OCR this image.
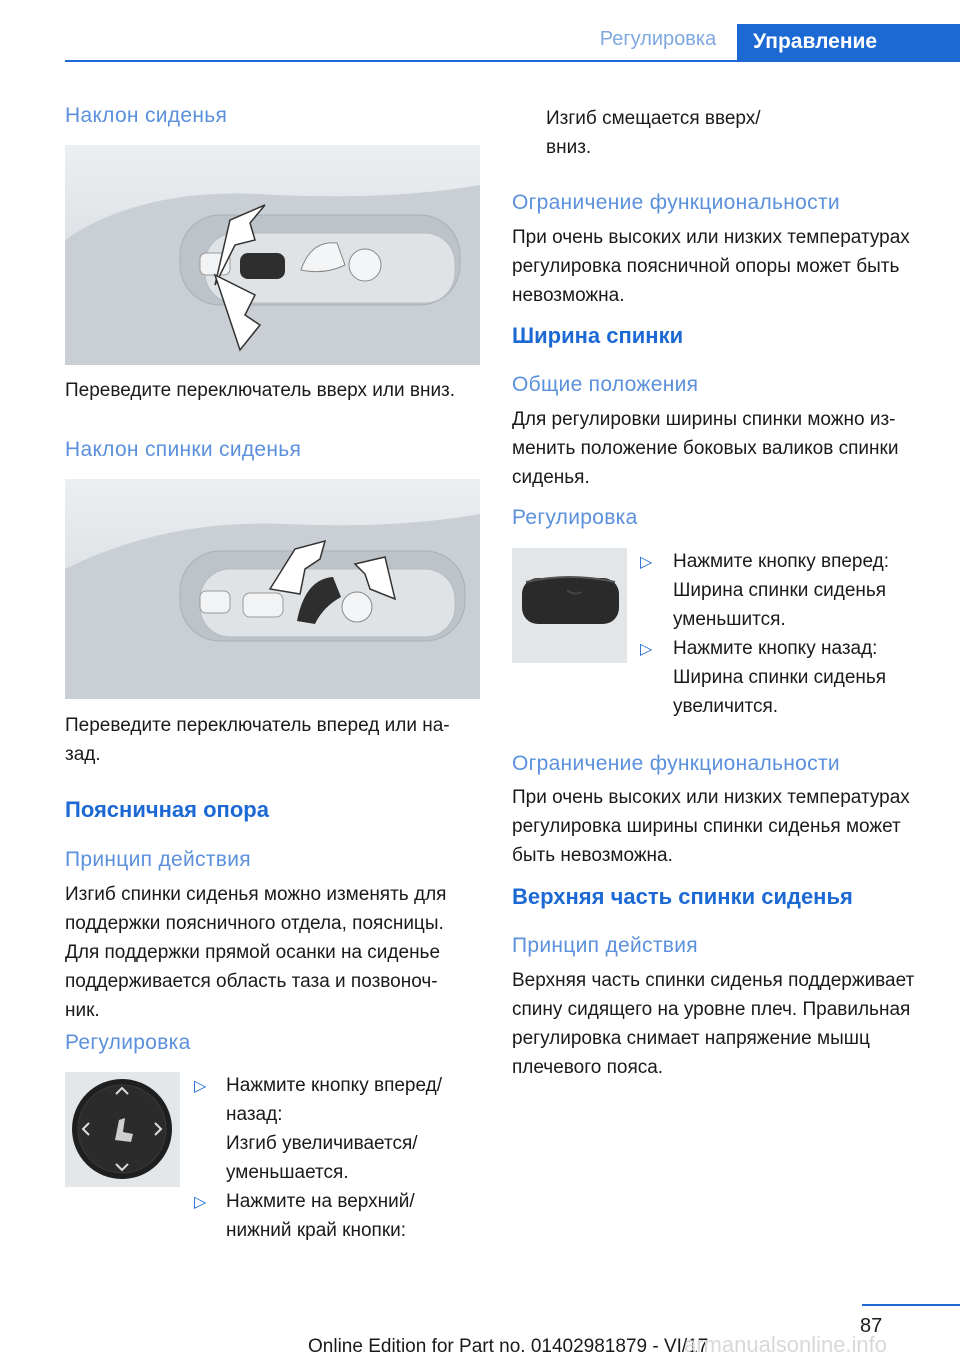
Регулировка	Управление
Наклон сиденья
Переведите переключатель вверх или вниз.
Наклон спинки сиденья
Переведите переключатель вперед или на-
зад.
Поясничная опора
Принцип действия
Изгиб спинки сиденья можно изменять для
поддержки поясничного отдела, поясницы.
Для поддержки прямой осанки на сиденье
поддерживается область таза и позвоноч-
ник.
Регулировка
▷ Нажмите кнопку вперед/
назад:
Изгиб увеличивается/
уменьшается.
▷ Нажмите на верхний/
нижний край кнопки:
Изгиб смещается вверх/
вниз.
Ограничение функциональности
При очень высоких или низких температурах
регулировка поясничной опоры может быть
невозможна.
Ширина спинки
Общие положения
Для регулировки ширины спинки можно из-
менить положение боковых валиков спинки
сиденья.
Регулировка
▷ Нажмите кнопку вперед:
Ширина спинки сиденья
уменьшится.
▷ Нажмите кнопку назад:
Ширина спинки сиденья
увеличится.
Ограничение функциональности
При очень высоких или низких температурах
регулировка ширины спинки сиденья может
быть невозможна.
Верхняя часть спинки сиденья
Принцип действия
Верхняя часть спинки сиденья поддерживает
спину сидящего на уровне плеч. Правильная
регулировка снимает напряжение мышц
плечевого пояса.
87
Online Edition for Part no. 01402981879 - VI/17
armanualsonline.info
